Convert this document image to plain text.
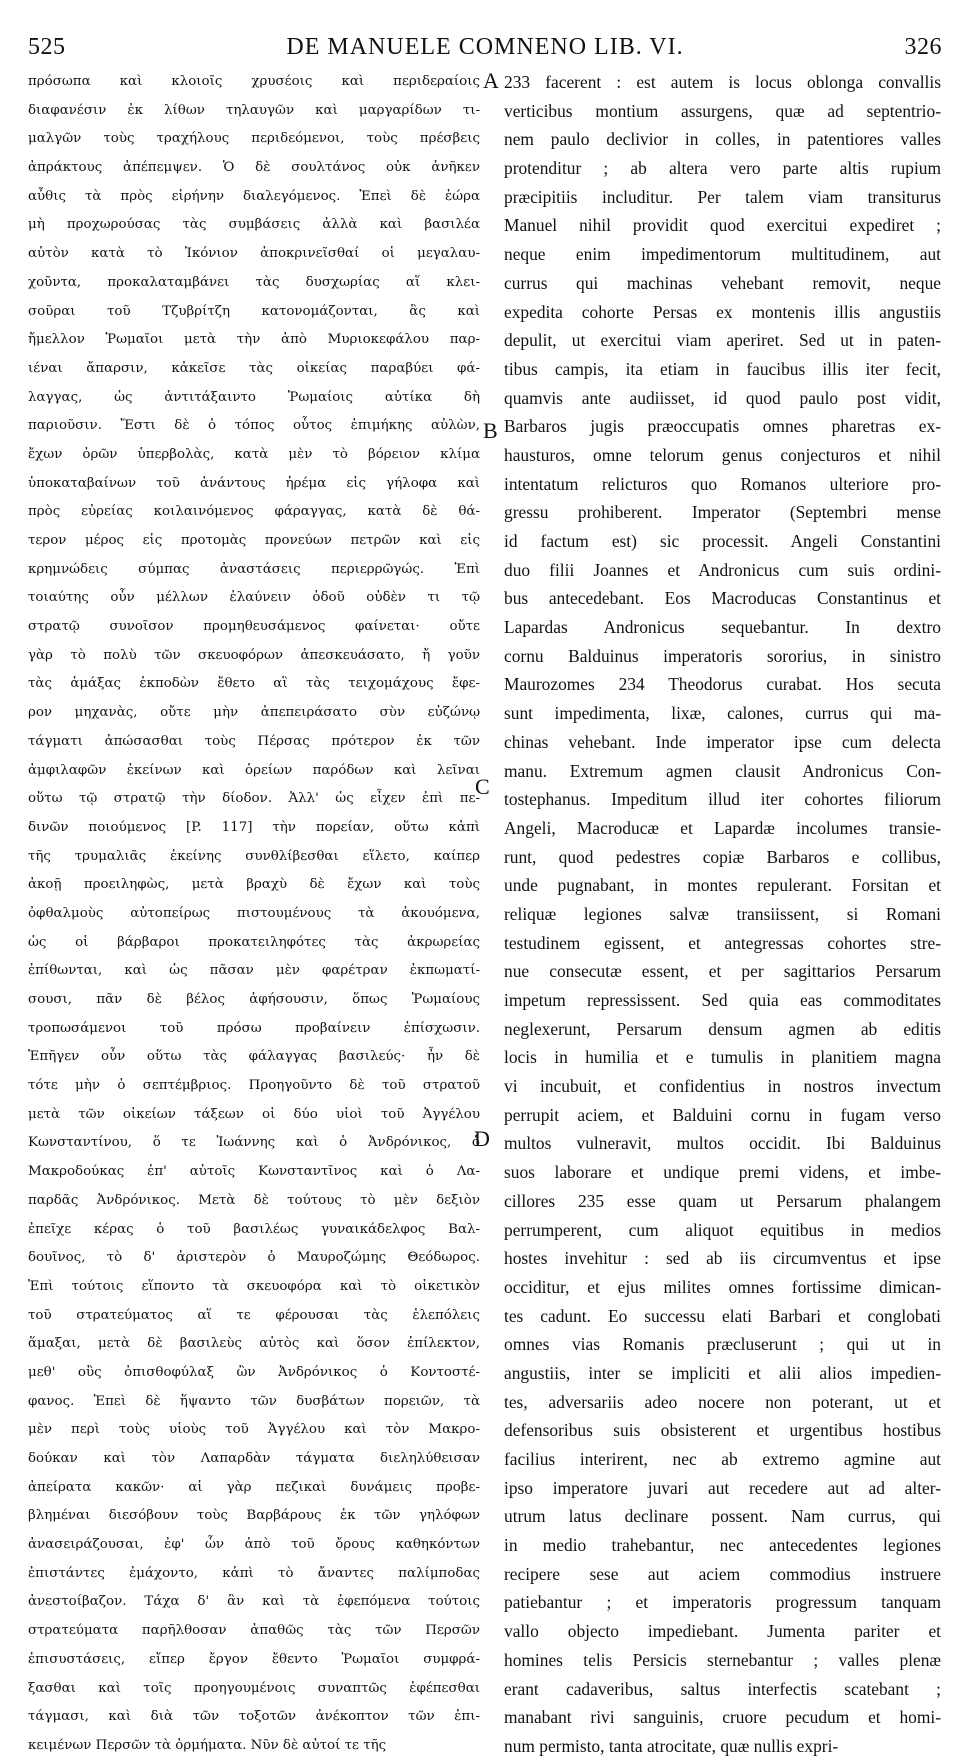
525	DE MANUELE COMNENO LIB. VI.	326
πρόσωπα καὶ κλοιοῖς χρυσέοις καὶ περιδεραίοις
διαφανέσιν ἐκ λίθων τηλαυγῶν καὶ μαργαρίδων τι-
μαλγῶν τοὺς τραχήλους περιδεόμενοι, τοὺς πρέσβεις
ἀπράκτους ἀπέπεμψεν. Ὁ δὲ σουλτάνος οὐκ ἀνῆκεν
αὖθις τὰ πρὸς εἰρήνην διαλεγόμενος. Ἐπεὶ δὲ ἑώρα
μὴ προχωρούσας τὰς συμβάσεις ἀλλὰ καὶ βασιλέα
αὐτὸν κατὰ τὸ Ἰκόνιον ἀποκρινεῖσθαί οἱ μεγαλαυ-
χοῦντα, προκαλαταμβάνει τὰς δυσχωρίας αἵ κλει-
σοῦραι τοῦ Τζυβρίτζη κατονομάζονται, ἃς καὶ
ἤμελλον Ῥωμαῖοι μετὰ τὴν ἀπὸ Μυριοκεφάλου παρ-
ιέναι ἄπαρσιν, κἀκεῖσε τὰς οἰκείας παραβύει φά-
λαγγας, ὡς ἀντιτάξαιντο Ῥωμαίοις αὐτίκα δὴ
παριοῦσιν. Ἔστι δὲ ὁ τόπος οὗτος ἐπιμήκης αὐλὼν,
ἔχων ὀρῶν ὑπερβολὰς, κατὰ μὲν τὸ βόρειον κλίμα
ὑποκαταβαίνων τοῦ ἀνάντους ἠρέμα εἰς γήλοφα καὶ
πρὸς εὐρείας κοιλαινόμενος φάραγγας, κατὰ δὲ θά-
τερον μέρος εἰς προτομὰς προνεύων πετρῶν καὶ εἰς
κρημνώδεις σύμπας ἀναστάσεις περιερρῶγώς. Ἐπὶ
τοιαύτης οὖν μέλλων ἐλαύνειν ὁδοῦ οὐδὲν τι τῷ
στρατῷ συνοῖσον προμηθευσάμενος φαίνεται· οὔτε
γὰρ τὸ πολὺ τῶν σκευοφόρων ἀπεσκευάσατο, ἤ γοῦν
τὰς ἁμάξας ἐκποδὼν ἔθετο αἳ τὰς τειχομάχους ἔφε-
ρον μηχανὰς, οὔτε μὴν ἀπεπειράσατο σὺν εὐζώνῳ
τάγματι ἀπώσασθαι τοὺς Πέρσας πρότερον ἐκ τῶν
ἀμφιλαφῶν ἐκείνων καὶ ὀρείων παρόδων καὶ λεῖναι
οὕτω τῷ στρατῷ τὴν δίοδον. Ἀλλ' ὡς εἶχεν ἐπὶ πε-
δινῶν ποιούμενος [P. 117] τὴν πορείαν, οὕτω κἀπὶ
τῆς τρυμαλιᾶς ἐκείνης συνθλίβεσθαι εἵλετο, καίπερ
ἀκοῇ προειληφὼς, μετὰ βραχὺ δὲ ἔχων καὶ τοὺς
ὀφθαλμοὺς αὐτοπείρως πιστουμένους τὰ ἀκουόμενα,
ὡς οἱ βάρβαροι προκατειληφότες τὰς ἀκρωρείας
ἐπίθωνται, καὶ ὡς πᾶσαν μὲν φαρέτραν ἐκπωματί-
σουσι, πᾶν δὲ βέλος ἀφήσουσιν, ὅπως Ῥωμαίους
τροπωσάμενοι τοῦ πρόσω προβαίνειν ἐπίσχωσιν.
Ἐπῆγεν οὖν οὕτω τὰς φάλαγγας βασιλεύς· ἦν δὲ
τότε μὴν ὁ σεπτέμβριος. Προηγοῦντο δὲ τοῦ στρατοῦ
μετὰ τῶν οἰκείων τάξεων οἱ δύο υἱοὶ τοῦ Ἀγγέλου
Κωνσταντίνου, ὅ τε Ἰωάννης καὶ ὁ Ἀνδρόνικος, ὁ
Μακροδούκας ἐπ' αὐτοῖς Κωνσταντῖνος καὶ ὁ Λα-
παρδᾶς Ἀνδρόνικος. Μετὰ δὲ τούτους τὸ μὲν δεξιὸν
ἐπεῖχε κέρας ὁ τοῦ βασιλέως γυναικάδελφος Βαλ-
δουῖνος, τὸ δ' ἀριστερὸν ὁ Μαυροζώμης Θεόδωρος.
Ἐπὶ τούτοις εἵποντο τὰ σκευοφόρα καὶ τὸ οἰκετικὸν
τοῦ στρατεύματος αἵ τε φέρουσαι τὰς ἑλεπόλεις
ἅμαξαι, μετὰ δὲ βασιλεὺς αὐτὸς καὶ ὅσον ἐπίλεκτον,
μεθ' οὓς ὀπισθοφύλαξ ὢν Ἀνδρόνικος ὁ Κοντοστέ-
φανος. Ἐπεὶ δὲ ἥψαντο τῶν δυσβάτων πορειῶν, τὰ
μὲν περὶ τοὺς υἱοὺς τοῦ Ἀγγέλου καὶ τὸν Μακρο-
δούκαν καὶ τὸν Λαπαρδὰν τάγματα διεληλύθεισαν
ἀπείρατα κακῶν· αἱ γὰρ πεζικαὶ δυνάμεις προβε-
βλημέναι διεσόβουν τοὺς Βαρβάρους ἐκ τῶν γηλόφων
ἀνασειράζουσαι, ἐφ' ὧν ἀπὸ τοῦ ὄρους καθηκόντων
ἐπιστάντες ἐμάχοντο, κἀπὶ τὸ ἄναντες παλίμποδας
ἀνεστοίβαζον. Τάχα δ' ἂν καὶ τὰ ἑφεπόμενα τούτοις
στρατεύματα παρῆλθοσαν ἀπαθῶς τὰς τῶν Περσῶν
ἐπισυστάσεις, εἴπερ ἔργον ἔθεντο Ῥωμαῖοι συμφρά-
ξασθαι καὶ τοῖς προηγουμένοις συναπτῶς ἐφέπεσθαι
τάγμασι, καὶ διὰ τῶν τοξοτῶν ἀνέκοπτον τῶν ἐπι-
κειμένων Περσῶν τὰ ὁρμήματα. Νῦν δὲ αὐτοί τε τῆς
233 facerent : est autem is locus oblonga convallis
verticibus montium assurgens, quæ ad septentrio-
nem paulo declivior in colles, in patentiores valles
protenditur ; ab altera vero parte altis rupium
præcipitiis includitur. Per talem viam transiturus
Manuel nihil providit quod exercitui expediret ;
neque enim impedimentorum multitudinem, aut
currus qui machinas vehebant removit, neque
expedita cohorte Persas ex montenis illis angustiis
depulit, ut exercitui viam aperiret. Sed ut in paten-
tibus campis, ita etiam in faucibus illis iter fecit,
quamvis ante audiisset, id quod paulo post vidit,
Barbaros jugis præoccupatis omnes pharetras ex-
hausturos, omne telorum genus conjecturos et nihil
intentatum relicturos quo Romanos ulteriore pro-
gressu prohiberent. Imperator (Septembri mense
id factum est) sic processit. Angeli Constantini
duo filii Joannes et Andronicus cum suis ordini-
bus antecedebant. Eos Macroducas Constantinus et
Lapardas Andronicus sequebantur. In dextro
cornu Balduinus imperatoris sororius, in sinistro
Maurozomes 234 Theodorus curabat. Hos secuta
sunt impedimenta, lixæ, calones, currus qui ma-
chinas vehebant. Inde imperator ipse cum delecta
manu. Extremum agmen clausit Andronicus Con-
tostephanus. Impeditum illud iter cohortes filiorum
Angeli, Macroducæ et Lapardæ incolumes transie-
runt, quod pedestres copiæ Barbaros e collibus,
unde pugnabant, in montes repulerant. Forsitan et
reliquæ legiones salvæ transiissent, si Romani
testudinem egissent, et antegressas cohortes stre-
nue consecutæ essent, et per sagittarios Persarum
impetum repressissent. Sed quia eas commoditates
neglexerunt, Persarum densum agmen ab editis
locis in humilia et e tumulis in planitiem magna
vi incubuit, et confidentius in nostros invectum
perrupit aciem, et Balduini cornu in fugam verso
multos vulneravit, multos occidit. Ibi Balduinus
suos laborare et undique premi videns, et imbe-
cillores 235 esse quam ut Persarum phalangem
perrumperent, cum aliquot equitibus in medios
hostes invehitur : sed ab iis circumventus et ipse
occiditur, et ejus milites omnes fortissime dimican-
tes cadunt. Eo successu elati Barbari et conglobati
omnes vias Romanis præcluserunt ; qui ut in
angustiis, inter se impliciti et alii alios impedien-
tes, adversariis adeo nocere non poterant, ut et
defensoribus suis obsisterent et urgentibus hostibus
facilius interirent, nec ab extremo agmine aut
ipso imperatore juvari aut recedere aut ad alter-
utrum latus declinare possent. Nam currus, qui
in medio trahebantur, nec antecedentes legiones
recipere sese aut aciem commodius instruere
patiebantur ; et imperatoris progressum tanquam
vallo objecto impediebant. Jumenta pariter et
homines telis Persicis sternebantur ; valles plenæ
erant cadaveribus, saltus interfectis scatebant ;
manabant rivi sanguinis, cruore pecudum et homi-
num permisto, tanta atrocitate, quæ nullis expri-
A
B
C
D
